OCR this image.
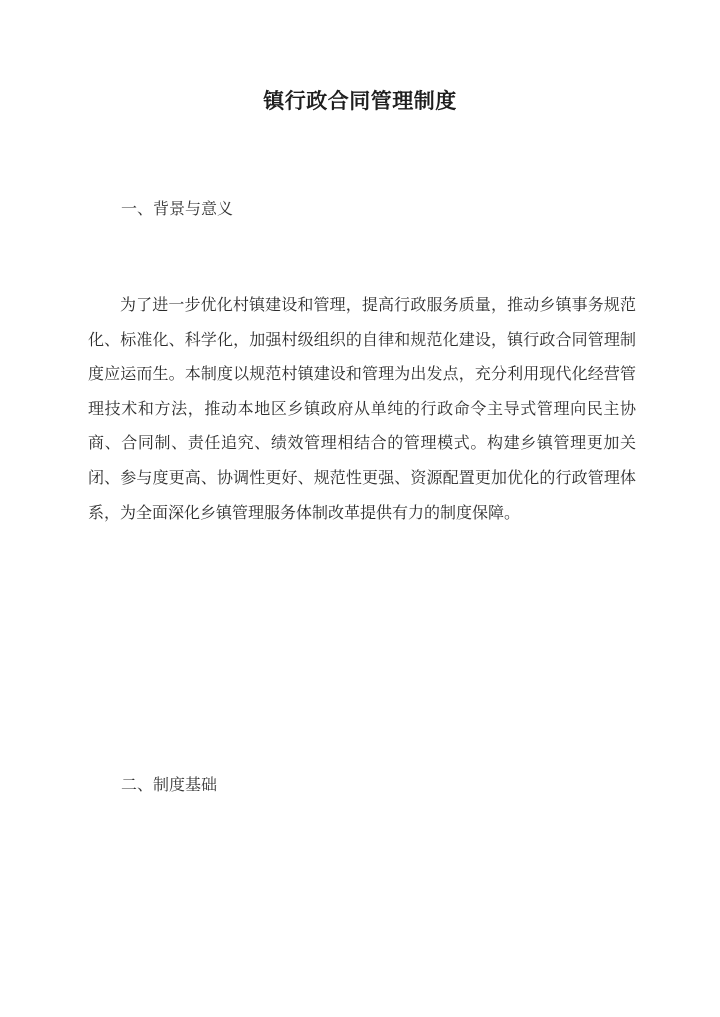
镇行政合同管理制度
一、背景与意义

为了进一步优化村镇建设和管理，提高行政服务质量，推动乡镇事务规范化、标准化、科学化，加强村级组织的自律和规范化建设，镇行政合同管理制度应运而生。本制度以规范村镇建设和管理为出发点，充分利用现代化经营管理技术和方法，推动本地区乡镇政府从单纯的行政命令主导式管理向民主协商、合同制、责任追究、绩效管理相结合的管理模式。构建乡镇管理更加关闭、参与度更高、协调性更好、规范性更强、资源配置更加优化的行政管理体系，为全面深化乡镇管理服务体制改革提供有力的制度保障。

二、制度基础
